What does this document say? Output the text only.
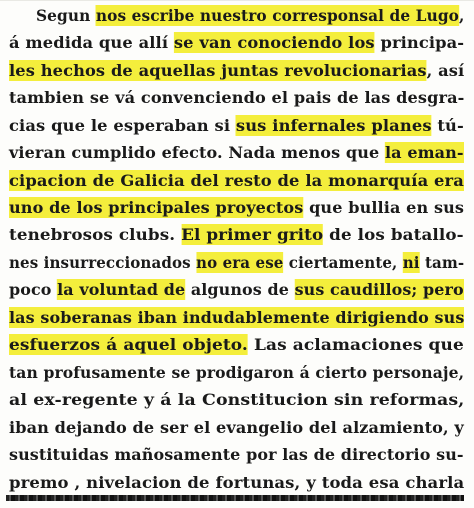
Segun nos escribe nuestro corresponsal de Lugo,
á medida que allí se van conociendo los principa-
les hechos de aquellas juntas revolucionarias, así
tambien se vá convenciendo el pais de las desgra-
cias que le esperaban si sus infernales planes tú-
vieran cumplido efecto. Nada menos que la eman-
cipacion de Galicia del resto de la monarquía era
uno de los principales proyectos que bullia en sus
tenebrosos clubs. El primer grito de los batallo-
nes insurreccionados no era ese ciertamente, ni tam-
poco la voluntad de algunos de sus caudillos; pero
las soberanas iban indudablemente dirigiendo sus
esfuerzos á aquel objeto. Las aclamaciones que
tan profusamente se prodigaron á cierto personaje,
al ex-regente y á la Constitucion sin reformas,
iban dejando de ser el evangelio del alzamiento, y
sustituidas mañosamente por las de directorio su-
premo , nivelacion de fortunas, y toda esa charla
